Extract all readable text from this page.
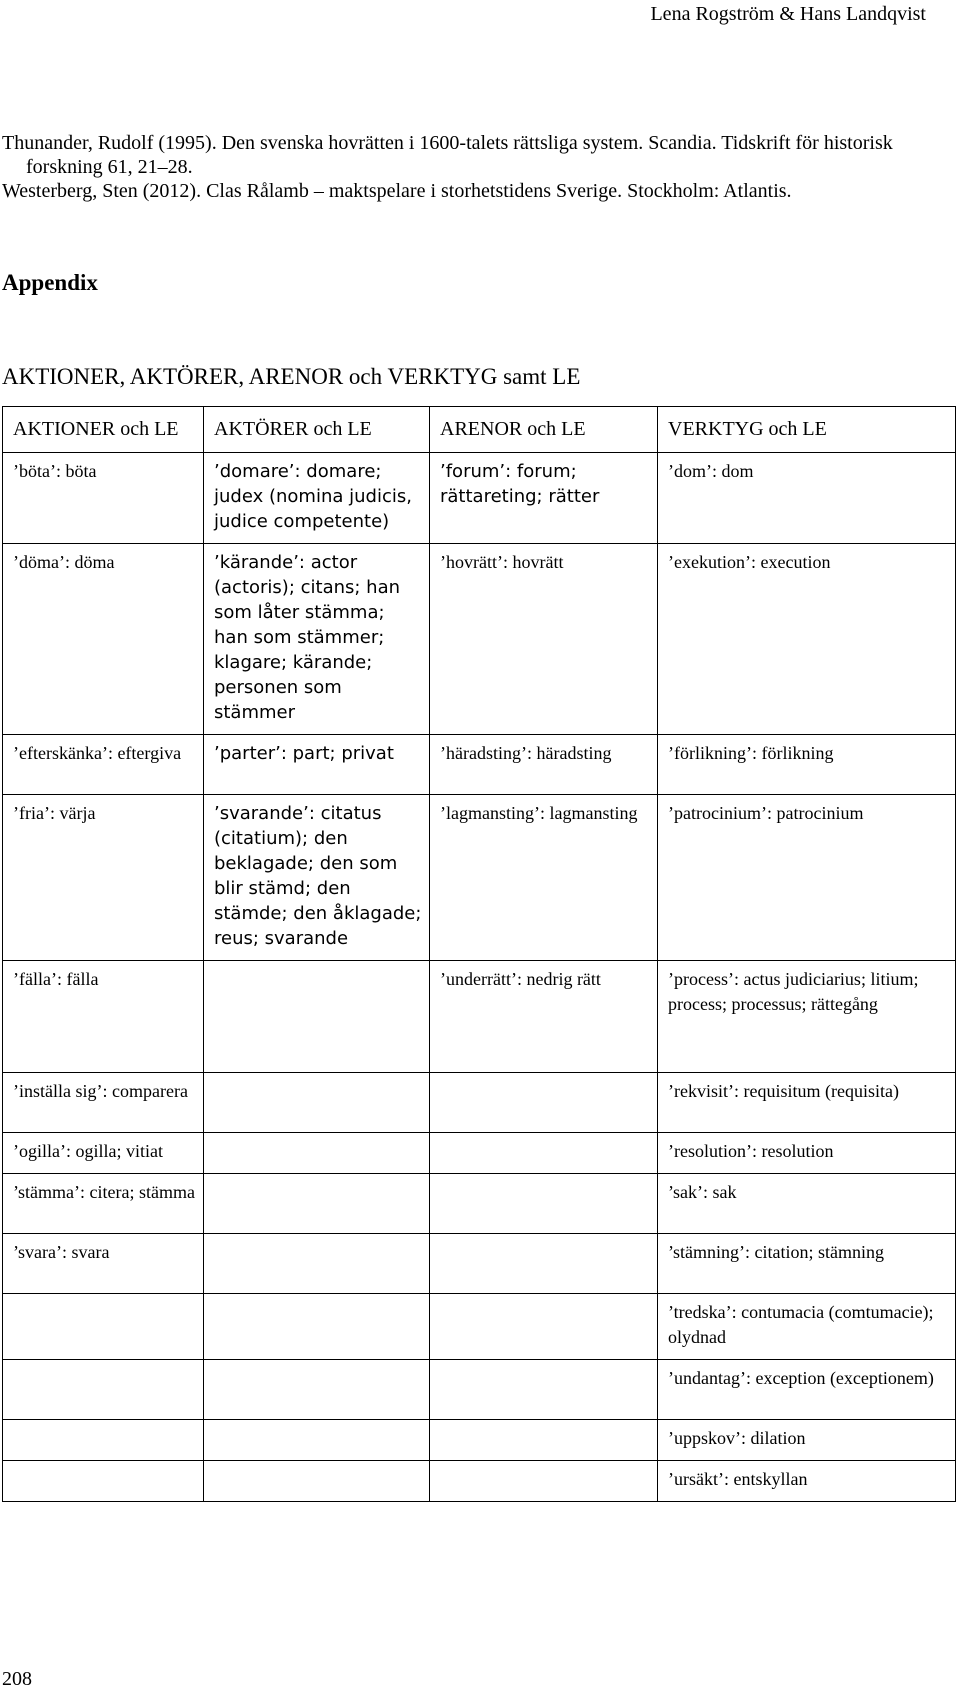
Lena Rogström & Hans Landqvist

Thunander, Rudolf (1995). Den svenska hovrätten i 1600-talets rättsliga system. Scandia. Tidskrift för historisk forskning 61, 21–28.

Westerberg, Sten (2012). Clas Rålamb – maktspelare i storhetstidens Sverige. Stockholm: Atlantis.

Appendix
AKTIONER, AKTÖRER, ARENOR och VERKTYG samt LE
AKTIONER och LE	AKTÖRER och LE	ARENOR och LE	VERKTYG och LE
’böta’: böta	’domare’: domare; judex (nomina judicis, judice competente)	’forum’: forum; rättareting; rätter	’dom’: dom
’döma’: döma	’kärande’: actor (actoris); citans; han som låter stämma; han som stämmer; klagare; kärande; personen som stämmer	’hovrätt’: hovrätt	’exekution’: execution
’efterskänka’: eftergiva	’parter’: part; privat	’häradsting’: häradsting	’förlikning’: förlikning
’fria’: värja	’svarande’: citatus (citatium); den beklagade; den som blir stämd; den stämde; den åklagade; reus; svarande	’lagmansting’: lagmansting	’patrocinium’: patrocinium
’fälla’: fälla		’underrätt’: nedrig rätt	’process’: actus judiciarius; litium; process; processus; rättegång
’inställa sig’: comparera			’rekvisit’: requisitum (requisita)
’ogilla’: ogilla; vitiat			’resolution’: resolution
’stämma’: citera; stämma			’sak’: sak
’svara’: svara			’stämning’: citation; stämning
			’tredska’: contumacia (comtumacie); olydnad
			’undantag’: exception (exceptionem)
			’uppskov’: dilation
			’ursäkt’: entskyllan
208
